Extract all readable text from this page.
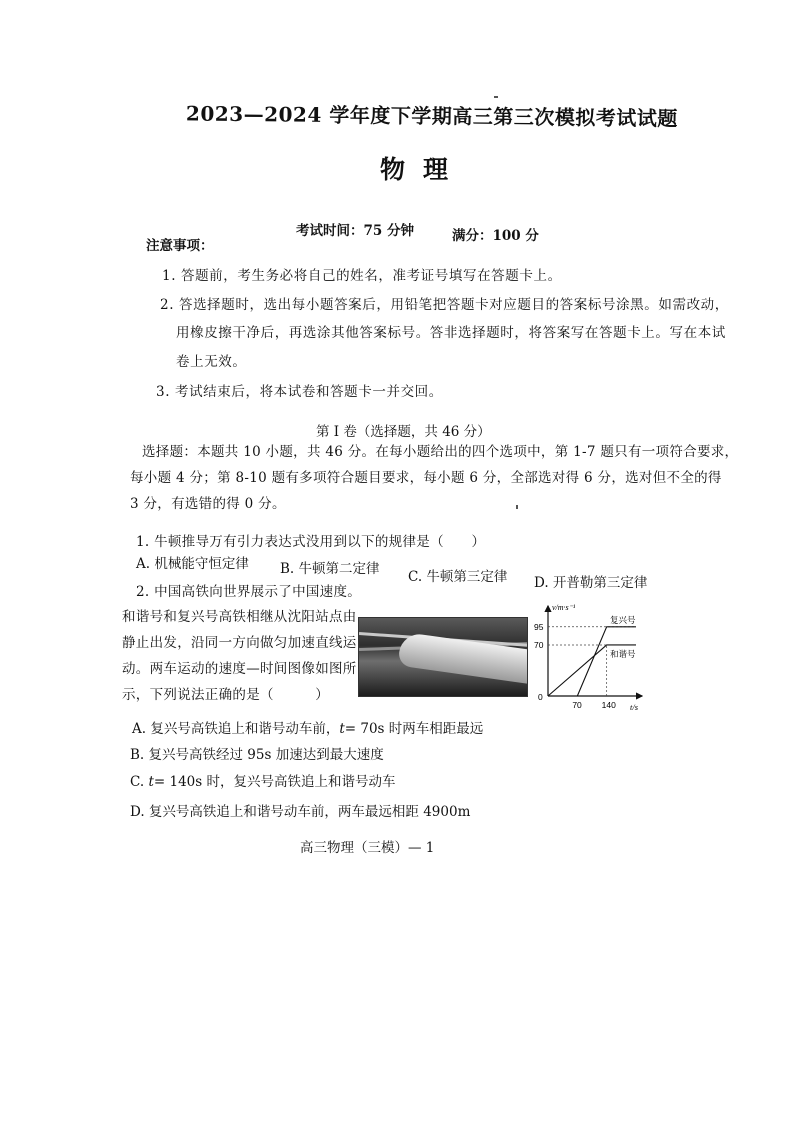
2023—2024 学年度下学期高三第三次模拟考试试题
物理
考试时间：75 分钟	满分：100 分
注意事项：
1. 答题前，考生务必将自己的姓名，准考证号填写在答题卡上。
2. 答选择题时，选出每小题答案后，用铅笔把答题卡对应题目的答案标号涂黑。如需改动，
用橡皮擦干净后，再选涂其他答案标号。答非选择题时，将答案写在答题卡上。写在本试
卷上无效。
3. 考试结束后，将本试卷和答题卡一并交回。
第 I 卷（选择题，共 46 分）
选择题：本题共 10 小题，共 46 分。在每小题给出的四个选项中，第 1-7 题只有一项符合要求，
每小题 4 分；第 8-10 题有多项符合题目要求，每小题 6 分，全部选对得 6 分，选对但不全的得
3 分，有选错的得 0 分。
1. 牛顿推导万有引力表达式没用到以下的规律是（　　）
A. 机械能守恒定律 B. 牛顿第二定律 C. 牛顿第三定律 D. 开普勒第三定律
2. 中国高铁向世界展示了中国速度。
和谐号和复兴号高铁相继从沈阳站点由
静止出发，沿同一方向做匀加速直线运
动。两车运动的速度—时间图像如图所
示，下列说法正确的是（　　　）
复兴号
和谐号
70 140
70
95
v/m·s⁻¹
t/s
0
A. 复兴号高铁追上和谐号动车前，t= 70s 时两车相距最远
B. 复兴号高铁经过 95s 加速达到最大速度
C. t= 140s 时，复兴号高铁追上和谐号动车
D. 复兴号高铁追上和谐号动车前，两车最远相距 4900m
高三物理（三模）— 1
